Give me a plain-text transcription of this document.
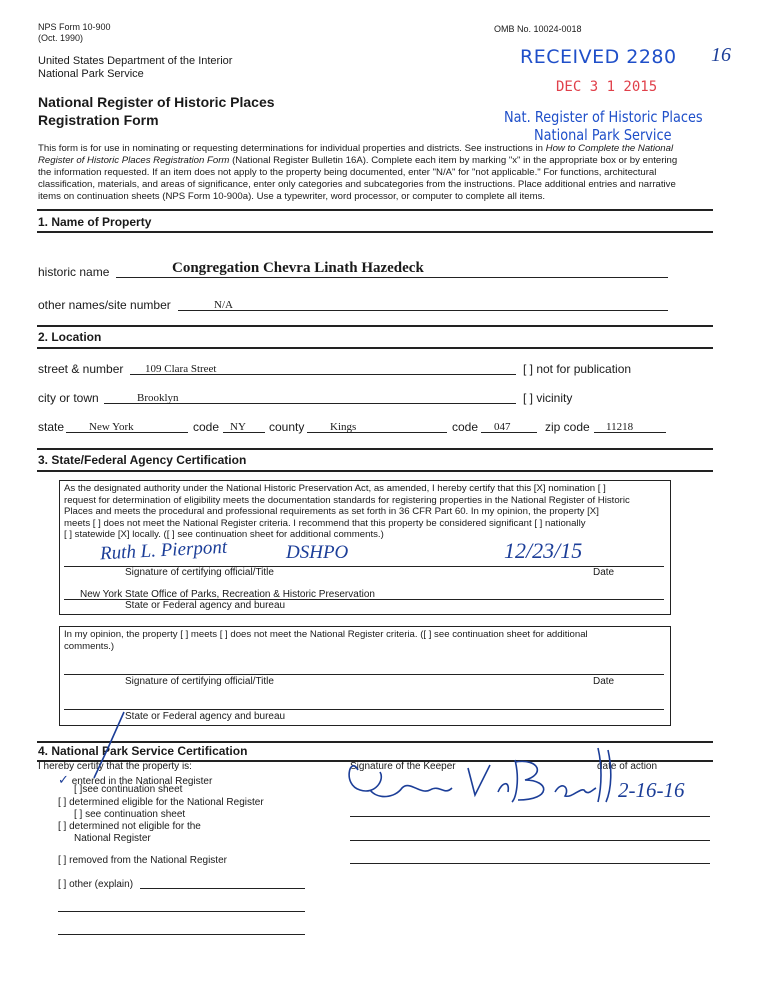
NPS Form 10-900
(Oct. 1990)
OMB No. 10024-0018
United States Department of the Interior
National Park Service
National Register of Historic Places
Registration Form
RECEIVED 2280 16
DEC 3 1 2015
Nat. Register of Historic Places
National Park Service
This form is for use in nominating or requesting determinations for individual properties and districts. See instructions in How to Complete the National
Register of Historic Places Registration Form (National Register Bulletin 16A). Complete each item by marking "x" in the appropriate box or by entering
the information requested. If an item does not apply to the property being documented, enter "N/A" for "not applicable." For functions, architectural
classification, materials, and areas of significance, enter only categories and subcategories from the instructions. Place additional entries and narrative
items on continuation sheets (NPS Form 10-900a). Use a typewriter, word processor, or computer to complete all items.
1. Name of Property
historic name	Congregation Chevra Linath Hazedeck
other names/site number	N/A
2. Location
street & number 109 Clara Street	[ ] not for publication
city or town	Brooklyn	[ ] vicinity
state New York	code NY county Kings	code 047	zip code 11218
3. State/Federal Agency Certification
As the designated authority under the National Historic Preservation Act, as amended, I hereby certify that this [X] nomination [ ]
request for determination of eligibility meets the documentation standards for registering properties in the National Register of Historic
Places and meets the procedural and professional requirements as set forth in 36 CFR Part 60. In my opinion, the property [X]
meets [ ] does not meet the National Register criteria. I recommend that this property be considered significant [ ] nationally
[ ] statewide [X] locally. ([ ] see continuation sheet for additional comments.)
Ruth L. Pierpont	DSHPO	12/23/15
Signature of certifying official/Title	Date
New York State Office of Parks, Recreation & Historic Preservation
State or Federal agency and bureau
In my opinion, the property [ ] meets [ ] does not meet the National Register criteria. ([ ] see continuation sheet for additional
comments.)
Signature of certifying official/Title	Date
State or Federal agency and bureau
4. National Park Service Certification
I hereby certify that the property is:
✓ entered in the National Register
[ ]see continuation sheet
[ ] determined eligible for the National Register
[ ] see continuation sheet
[ ] determined not eligible for the
National Register
[ ] removed from the National Register
[ ] other (explain)
Signature of the Keeper	date of action
2-16-16
